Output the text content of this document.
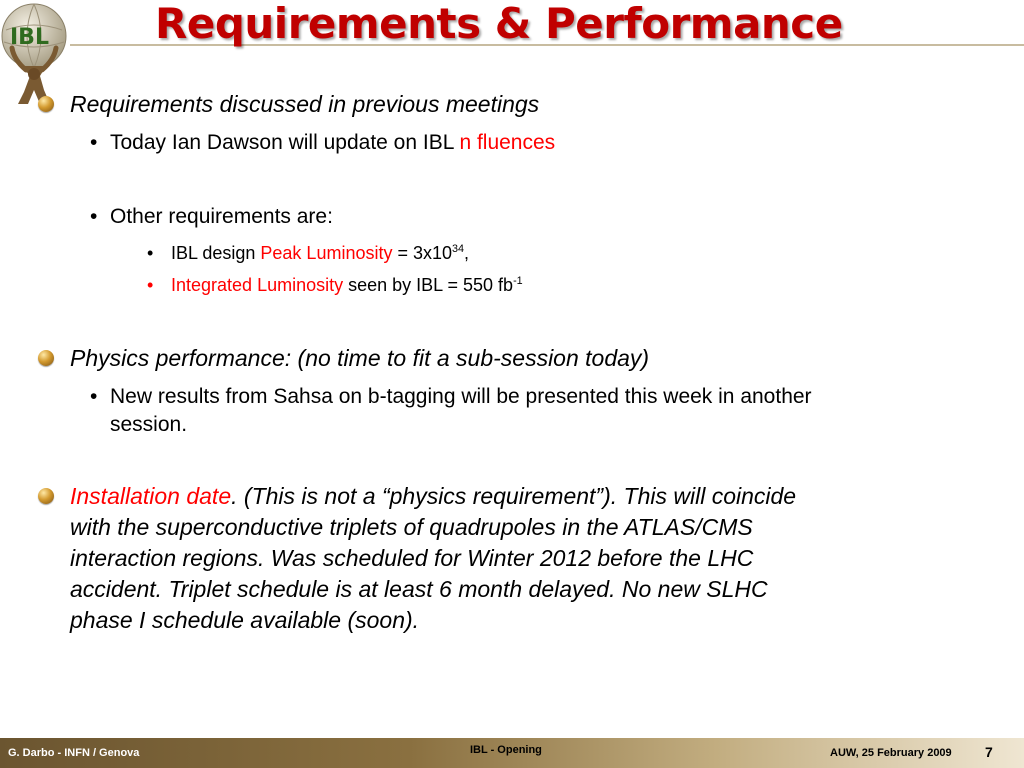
IBL	Requirements & Performance
Requirements discussed in previous meetings
• Today Ian Dawson will update on IBL n fluences
• Other requirements are:
• IBL design Peak Luminosity = $3x10^{34}$,
• Integrated Luminosity seen by IBL = 550 $fb^{-1}$
Physics performance: (no time to fit a sub-session today)
• New results from Sahsa on b-tagging will be presented this week in another
session.
Installation date. (This is not a “physics requirement”). This will coincide
with the superconductive triplets of quadrupoles in the ATLAS/CMS
interaction regions. Was scheduled for Winter 2012 before the LHC
accident. Triplet schedule is at least 6 month delayed. No new SLHC
phase I schedule available (soon).
G. Darbo - INFN / Genova	IBL - Opening	AUW, 25 February 2009 7
